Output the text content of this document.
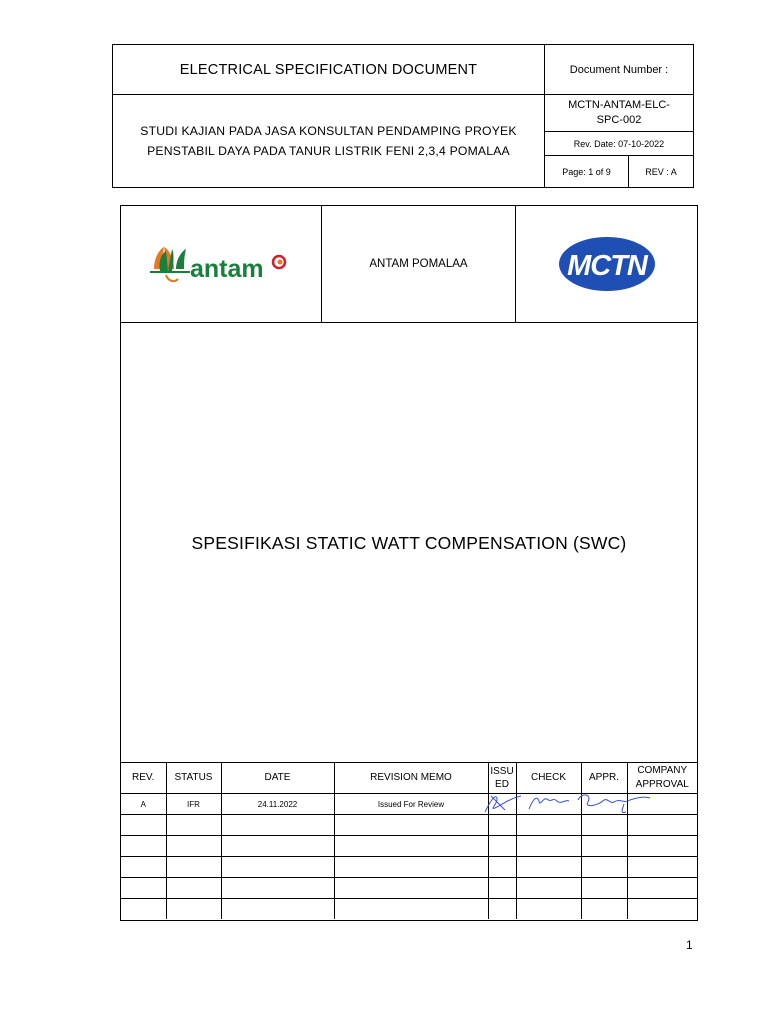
ELECTRICAL SPECIFICATION DOCUMENT	Document Number :
STUDI KAJIAN PADA JASA KONSULTAN PENDAMPING PROYEK
PENSTABIL DAYA PADA TANUR LISTRIK FENI 2,3,4 POMALAA
MCTN-ANTAM-ELC-SPC-002
Rev. Date: 07-10-2022
Page: 1 of 9	REV : A
antam	ANTAM POMALAA	MCTN
SPESIFIKASI STATIC WATT COMPENSATION (SWC)
REV.	STATUS	DATE	REVISION MEMO	ISSUED	CHECK	APPR.	COMPANY APPROVAL
A	IFR	24.11.2022	Issued For Review	

1
